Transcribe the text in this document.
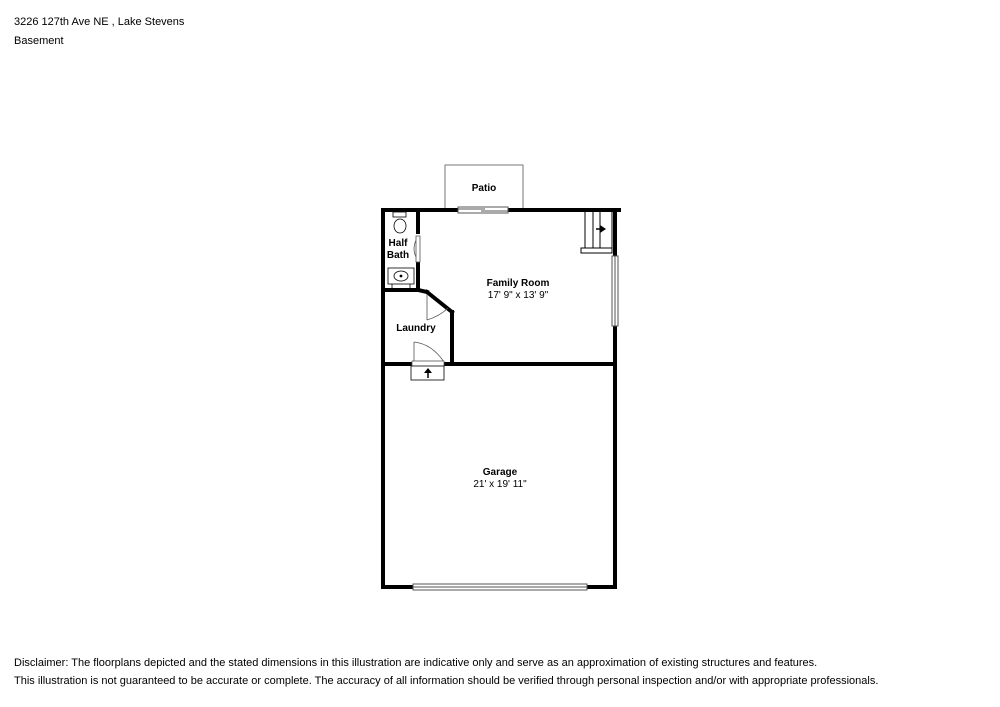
3226 127th Ave NE , Lake Stevens
Basement
Patio
Half
Bath
Family Room
17' 9" x 13' 9"
Laundry
Garage
21' x 19' 11"
Disclaimer: The floorplans depicted and the stated dimensions in this illustration are indicative only and serve as an approximation of existing structures and features.
This illustration is not guaranteed to be accurate or complete. The accuracy of all information should be verified through personal inspection and/or with appropriate professionals.
